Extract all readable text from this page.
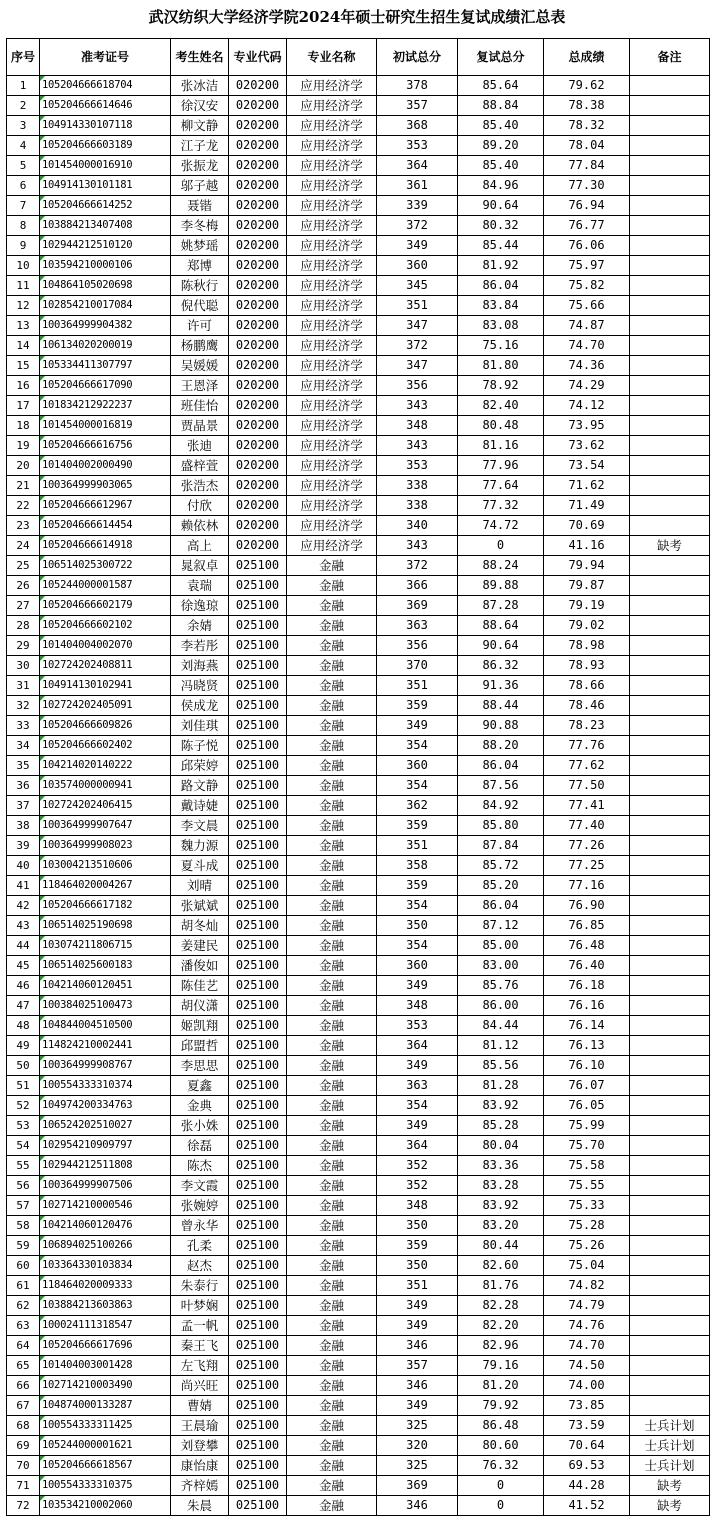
武汉纺织大学经济学院2024年硕士研究生招生复试成绩汇总表
序号	准考证号	考生姓名	专业代码	专业名称	初试总分	复试总分	总成绩	备注
1	105204666618704	张冰洁	020200	应用经济学	378	85.64	79.62	
2	105204666614646	徐汉安	020200	应用经济学	357	88.84	78.38	
3	104914330107118	柳文静	020200	应用经济学	368	85.40	78.32	
4	105204666603189	江子龙	020200	应用经济学	353	89.20	78.04	
5	101454000016910	张振龙	020200	应用经济学	364	85.40	77.84	
6	104914130101181	邬子越	020200	应用经济学	361	84.96	77.30	
7	105204666614252	聂锴	020200	应用经济学	339	90.64	76.94	
8	103884213407408	李冬梅	020200	应用经济学	372	80.32	76.77	
9	102944212510120	姚梦瑶	020200	应用经济学	349	85.44	76.06	
10	103594210000106	郑博	020200	应用经济学	360	81.92	75.97	
11	104864105020698	陈秋行	020200	应用经济学	345	86.04	75.82	
12	102854210017084	倪代聪	020200	应用经济学	351	83.84	75.66	
13	100364999904382	许可	020200	应用经济学	347	83.08	74.87	
14	106134020200019	杨鹏鹰	020200	应用经济学	372	75.16	74.70	
15	105334411307797	吴媛媛	020200	应用经济学	347	81.80	74.36	
16	105204666617090	王恩泽	020200	应用经济学	356	78.92	74.29	
17	101834212922237	班佳怡	020200	应用经济学	343	82.40	74.12	
18	101454000016819	贾晶景	020200	应用经济学	348	80.48	73.95	
19	105204666616756	张迪	020200	应用经济学	343	81.16	73.62	
20	101404002000490	盛梓萱	020200	应用经济学	353	77.96	73.54	
21	100364999903065	张浩杰	020200	应用经济学	338	77.64	71.62	
22	105204666612967	付欣	020200	应用经济学	338	77.32	71.49	
23	105204666614454	赖依林	020200	应用经济学	340	74.72	70.69	
24	105204666614918	高上	020200	应用经济学	343	0	41.16	缺考
25	106514025300722	晁叙卓	025100	金融	372	88.24	79.94	
26	105244000001587	袁瑞	025100	金融	366	89.88	79.87	
27	105204666602179	徐逸琼	025100	金融	369	87.28	79.19	
28	105204666602102	余婧	025100	金融	363	88.64	79.02	
29	101404004002070	李若彤	025100	金融	356	90.64	78.98	
30	102724202408811	刘海燕	025100	金融	370	86.32	78.93	
31	104914130102941	冯晓贤	025100	金融	351	91.36	78.66	
32	102724202405091	侯成龙	025100	金融	359	88.44	78.46	
33	105204666609826	刘佳琪	025100	金融	349	90.88	78.23	
34	105204666602402	陈子悦	025100	金融	354	88.20	77.76	
35	104214020140222	邱荣婷	025100	金融	360	86.04	77.62	
36	103574000000941	路文静	025100	金融	354	87.56	77.50	
37	102724202406415	戴诗婕	025100	金融	362	84.92	77.41	
38	100364999907647	李文晨	025100	金融	359	85.80	77.40	
39	100364999908023	魏力源	025100	金融	351	87.84	77.26	
40	103004213510606	夏斗成	025100	金融	358	85.72	77.25	
41	118464020004267	刘晴	025100	金融	359	85.20	77.16	
42	105204666617182	张斌斌	025100	金融	354	86.04	76.90	
43	106514025190698	胡冬灿	025100	金融	350	87.12	76.85	
44	103074211806715	姜建民	025100	金融	354	85.00	76.48	
45	106514025600183	潘俊如	025100	金融	360	83.00	76.40	
46	104214060120451	陈佳艺	025100	金融	349	85.76	76.18	
47	100384025100473	胡仪潇	025100	金融	348	86.00	76.16	
48	104844004510500	姬凯翔	025100	金融	353	84.44	76.14	
49	114824210002441	邱盟哲	025100	金融	364	81.12	76.13	
50	100364999908767	李思思	025100	金融	349	85.56	76.10	
51	100554333310374	夏鑫	025100	金融	363	81.28	76.07	
52	104974200334763	金典	025100	金融	354	83.92	76.05	
53	106524202510027	张小姝	025100	金融	349	85.28	75.99	
54	102954210909797	徐磊	025100	金融	364	80.04	75.70	
55	102944212511808	陈杰	025100	金融	352	83.36	75.58	
56	100364999907506	李文霞	025100	金融	352	83.28	75.55	
57	102714210000546	张婉婷	025100	金融	348	83.92	75.33	
58	104214060120476	曾永华	025100	金融	350	83.20	75.28	
59	106894025100266	孔柔	025100	金融	359	80.44	75.26	
60	103364330103834	赵杰	025100	金融	350	82.60	75.04	
61	118464020009333	朱泰行	025100	金融	351	81.76	74.82	
62	103884213603863	叶梦娴	025100	金融	349	82.28	74.79	
63	100024111318547	孟一帆	025100	金融	349	82.20	74.76	
64	105204666617696	秦王飞	025100	金融	346	82.96	74.70	
65	101404003001428	左飞翔	025100	金融	357	79.16	74.50	
66	102714210003490	尚兴旺	025100	金融	346	81.20	74.00	
67	104874000133287	曹婧	025100	金融	349	79.92	73.85	
68	100554333311425	王晨瑜	025100	金融	325	86.48	73.59	士兵计划
69	105244000001621	刘登攀	025100	金融	320	80.60	70.64	士兵计划
70	105204666618567	康怡康	025100	金融	325	76.32	69.53	士兵计划
71	100554333310375	齐梓嫣	025100	金融	369	0	44.28	缺考
72	103534210002060	朱晨	025100	金融	346	0	41.52	缺考
